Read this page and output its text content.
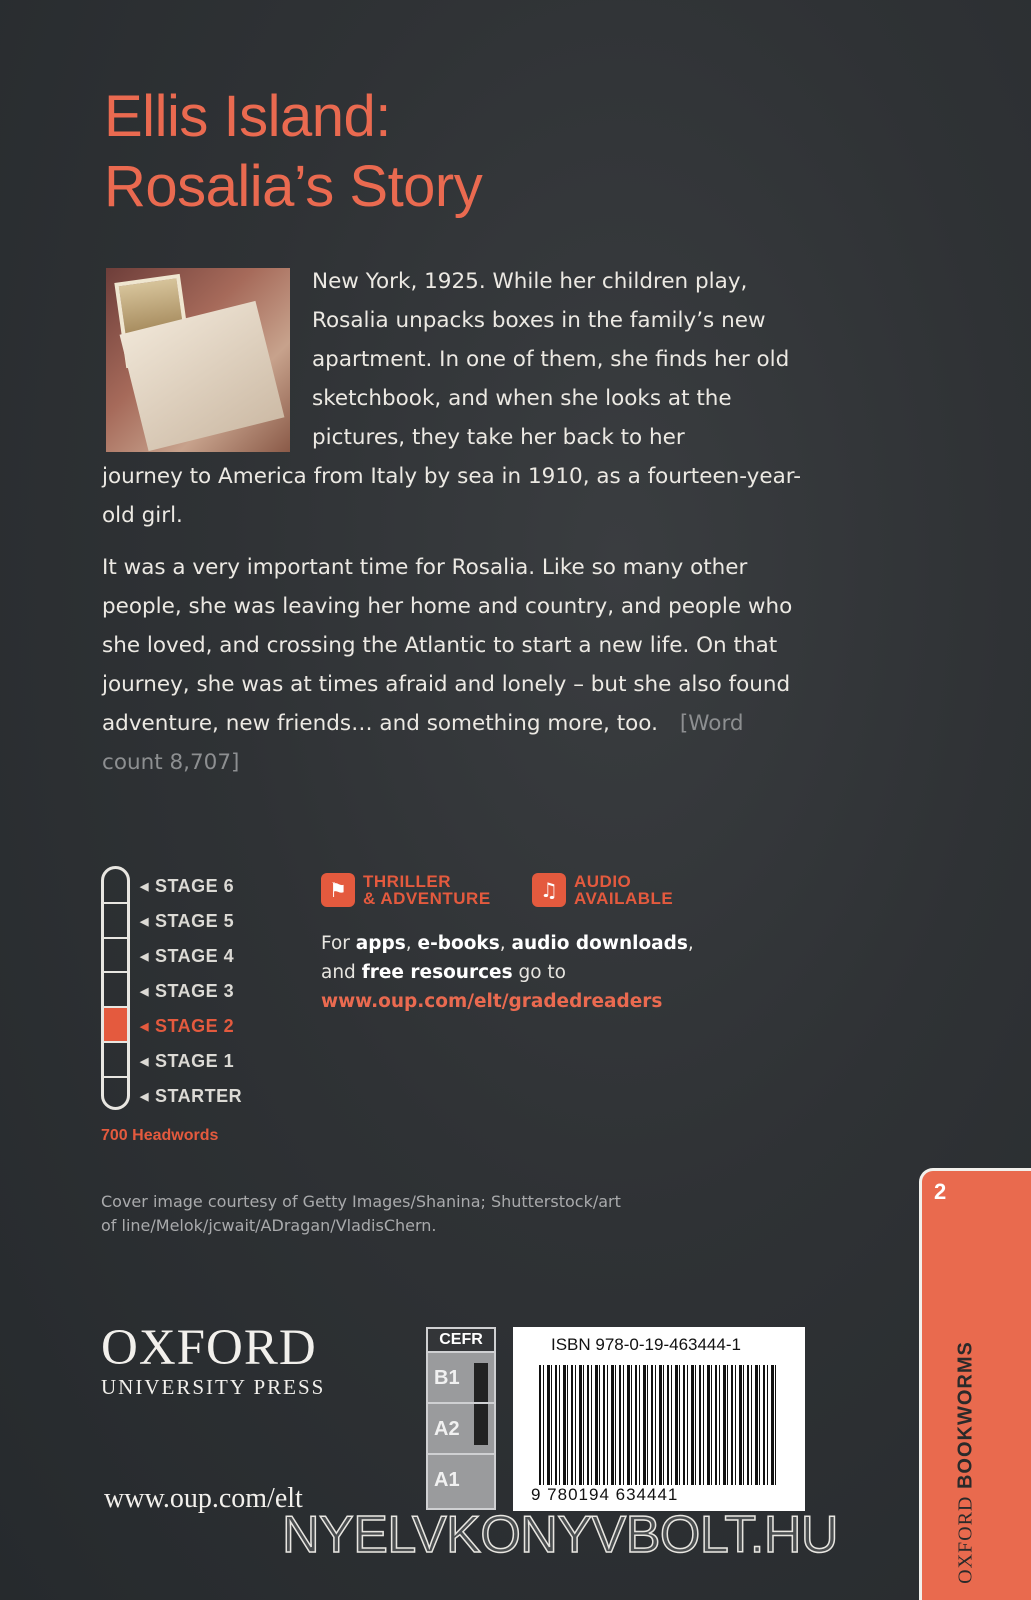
Ellis Island:
Rosalia’s Story

New York, 1925. While her children play, Rosalia unpacks boxes in the family’s new apartment. In one of them, she finds her old sketchbook, and when she looks at the pictures, they take her back to her
journey to America from Italy by sea in 1910, as a fourteen-year-old girl.

It was a very important time for Rosalia. Like so many other people, she was leaving her home and country, and people who she loved, and crossing the Atlantic to start a new life. On that journey, she was at times afraid and lonely – but she also found adventure, new friends… and something more, too. [Word count 8,707]

◀ STAGE 6
◀ STAGE 5
◀ STAGE 4
◀ STAGE 3
◀ STAGE 2
◀ STAGE 1
◀ STARTER
700 Headwords
⚑ THRILLER
& ADVENTURE	♫ AUDIO
AVAILABLE

For apps, e-books, audio downloads,
and free resources go to
www.oup.com/elt/gradedreaders

Cover image courtesy of Getty Images/Shanina; Shutterstock/art of line/Melok/jcwait/ADragan/VladisChern.

OXFORD
UNIVERSITY PRESS
www.oup.com/elt
CEFR
B1
A2
A1
ISBN 978-0-19-463444-1
9 780194 634441
2
OXFORD BOOKWORMS
NYELVKONYVBOLT.HU
